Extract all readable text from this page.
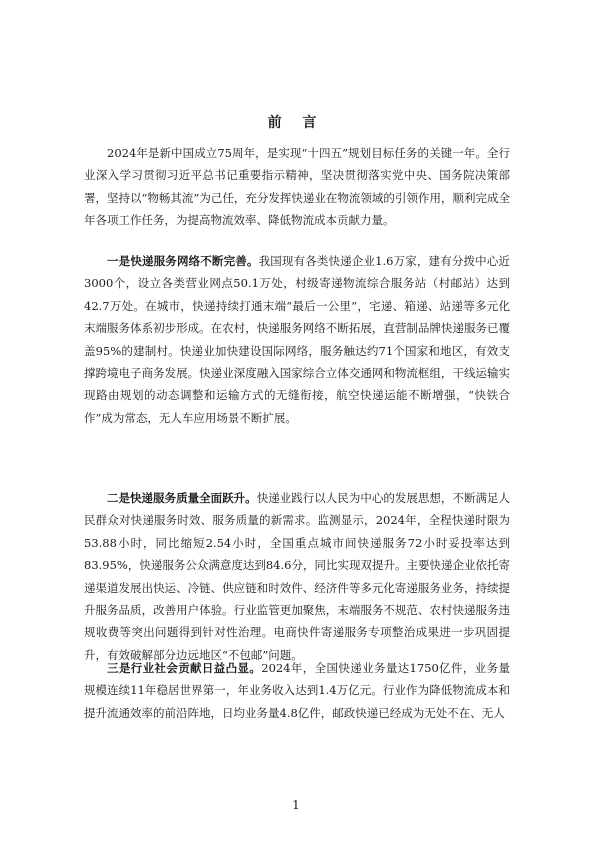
前 言

2024年是新中国成立75周年，是实现“十四五”规划目标任务的关键一年。全行业深入学习贯彻习近平总书记重要指示精神，坚决贯彻落实党中央、国务院决策部署，坚持以“物畅其流”为己任，充分发挥快递业在物流领域的引领作用，顺利完成全年各项工作任务，为提高物流效率、降低物流成本贡献力量。

一是快递服务网络不断完善。我国现有各类快递企业1.6万家，建有分拨中心近3000个，设立各类营业网点50.1万处，村级寄递物流综合服务站（村邮站）达到42.7万处。在城市，快递持续打通末端“最后一公里”，宅递、箱递、站递等多元化末端服务体系初步形成。在农村，快递服务网络不断拓展，直营制品牌快递服务已覆盖95%的建制村。快递业加快建设国际网络，服务触达约71个国家和地区，有效支撑跨境电子商务发展。快递业深度融入国家综合立体交通网和物流框组，干线运输实现路由规划的动态调整和运输方式的无缝衔接，航空快递运能不断增强，“快铁合作”成为常态，无人车应用场景不断扩展。

二是快递服务质量全面跃升。快递业践行以人民为中心的发展思想，不断满足人民群众对快递服务时效、服务质量的新需求。监测显示，2024年，全程快递时限为53.88小时，同比缩短2.54小时，全国重点城市间快递服务72小时妥投率达到83.95%，快递服务公众满意度达到84.6分，同比实现双提升。主要快递企业依托寄递渠道发展出快运、冷链、供应链和时效件、经济件等多元化寄递服务业务，持续提升服务品质，改善用户体验。行业监管更加聚焦，末端服务不规范、农村快递服务违规收费等突出问题得到针对性治理。电商快件寄递服务专项整治成果进一步巩固提升，有效破解部分边远地区“不包邮”问题。

三是行业社会贡献日益凸显。2024年，全国快递业务量达1750亿件，业务量规模连续11年稳居世界第一，年业务收入达到1.4万亿元。行业作为降低物流成本和提升流通效率的前沿阵地，日均业务量4.8亿件，邮政快递已经成为无处不在、无人

1
